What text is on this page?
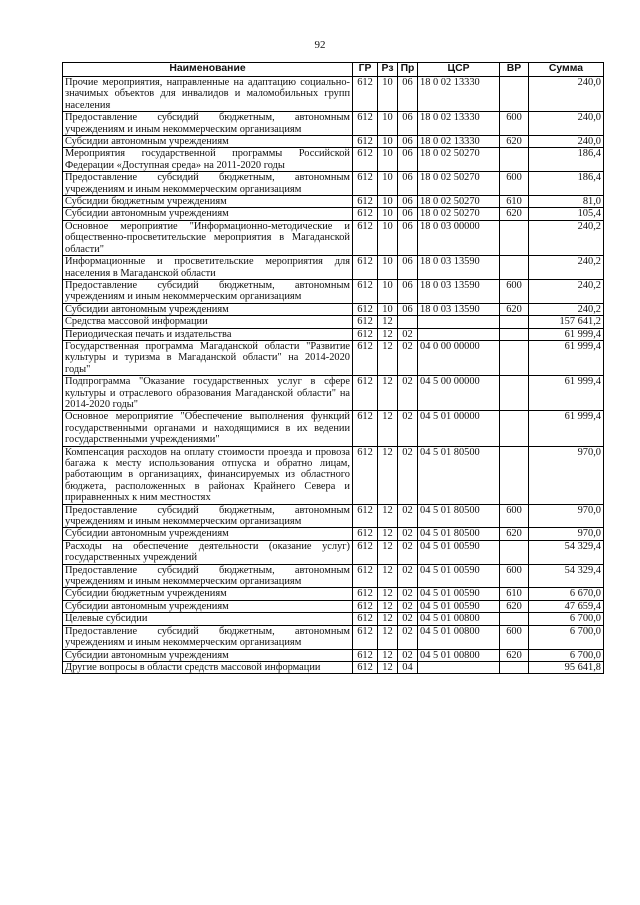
92
Наименование	ГР	Рз	Пр	ЦСР	ВР	Сумма
Прочие мероприятия, направленные на адаптацию социально-значимых объектов для инвалидов и маломобильных групп населения	612	10	06	18 0 02 13330		240,0
Предоставление субсидий бюджетным, автономным учреждениям и иным некоммерческим организациям	612	10	06	18 0 02 13330	600	240,0
Субсидии автономным учреждениям	612	10	06	18 0 02 13330	620	240,0
Мероприятия государственной программы Российской Федерации «Доступная среда» на 2011-2020 годы	612	10	06	18 0 02 50270		186,4
Предоставление субсидий бюджетным, автономным учреждениям и иным некоммерческим организациям	612	10	06	18 0 02 50270	600	186,4
Субсидии бюджетным учреждениям	612	10	06	18 0 02 50270	610	81,0
Субсидии автономным учреждениям	612	10	06	18 0 02 50270	620	105,4
Основное мероприятие "Информационно-методические и общественно-просветительские мероприятия в Магаданской области"	612	10	06	18 0 03 00000		240,2
Информационные и просветительские мероприятия для населения в Магаданской области	612	10	06	18 0 03 13590		240,2
Предоставление субсидий бюджетным, автономным учреждениям и иным некоммерческим организациям	612	10	06	18 0 03 13590	600	240,2
Субсидии автономным учреждениям	612	10	06	18 0 03 13590	620	240,2
Средства массовой информации	612	12				157 641,2
Периодическая печать и издательства	612	12	02			61 999,4
Государственная программа Магаданской области "Развитие культуры и туризма в Магаданской области" на 2014-2020 годы"	612	12	02	04 0 00 00000		61 999,4
Подпрограмма "Оказание государственных услуг в сфере культуры и отраслевого образования Магаданской области" на 2014-2020 годы"	612	12	02	04 5 00 00000		61 999,4
Основное мероприятие "Обеспечение выполнения функций государственными органами и находящимися в их ведении государственными учреждениями"	612	12	02	04 5 01 00000		61 999,4
Компенсация расходов на оплату стоимости проезда и провоза багажа к месту использования отпуска и обратно лицам, работающим в организациях, финансируемых из областного бюджета, расположенных в районах Крайнего Севера и приравненных к ним местностях	612	12	02	04 5 01 80500		970,0
Предоставление субсидий бюджетным, автономным учреждениям и иным некоммерческим организациям	612	12	02	04 5 01 80500	600	970,0
Субсидии автономным учреждениям	612	12	02	04 5 01 80500	620	970,0
Расходы на обеспечение деятельности (оказание услуг) государственных учреждений	612	12	02	04 5 01 00590		54 329,4
Предоставление субсидий бюджетным, автономным учреждениям и иным некоммерческим организациям	612	12	02	04 5 01 00590	600	54 329,4
Субсидии бюджетным учреждениям	612	12	02	04 5 01 00590	610	6 670,0
Субсидии автономным учреждениям	612	12	02	04 5 01 00590	620	47 659,4
Целевые субсидии	612	12	02	04 5 01 00800		6 700,0
Предоставление субсидий бюджетным, автономным учреждениям и иным некоммерческим организациям	612	12	02	04 5 01 00800	600	6 700,0
Субсидии автономным учреждениям	612	12	02	04 5 01 00800	620	6 700,0
Другие вопросы в области средств массовой информации	612	12	04			95 641,8
